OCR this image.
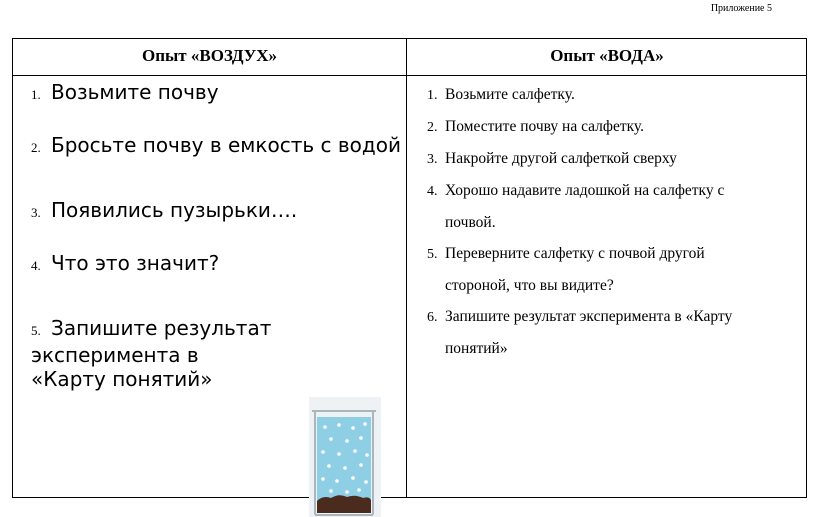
Приложение 5
Опыт «ВОЗДУХ»	Опыт «ВОДА»
1. Возьмите почву
2. Бросьте почву в емкость с водой
3. Появились пузырьки….
4. Что это значит?
5. Запишите результат эксперимента в
«Карту понятий»
1. Возьмите салфетку.
2. Поместите почву на салфетку.
3. Накройте другой салфеткой сверху
4. Хорошо надавите ладошкой на салфетку с
почвой.
5. Переверните салфетку с почвой другой
стороной, что вы видите?
6. Запишите результат эксперимента в «Карту
понятий»
